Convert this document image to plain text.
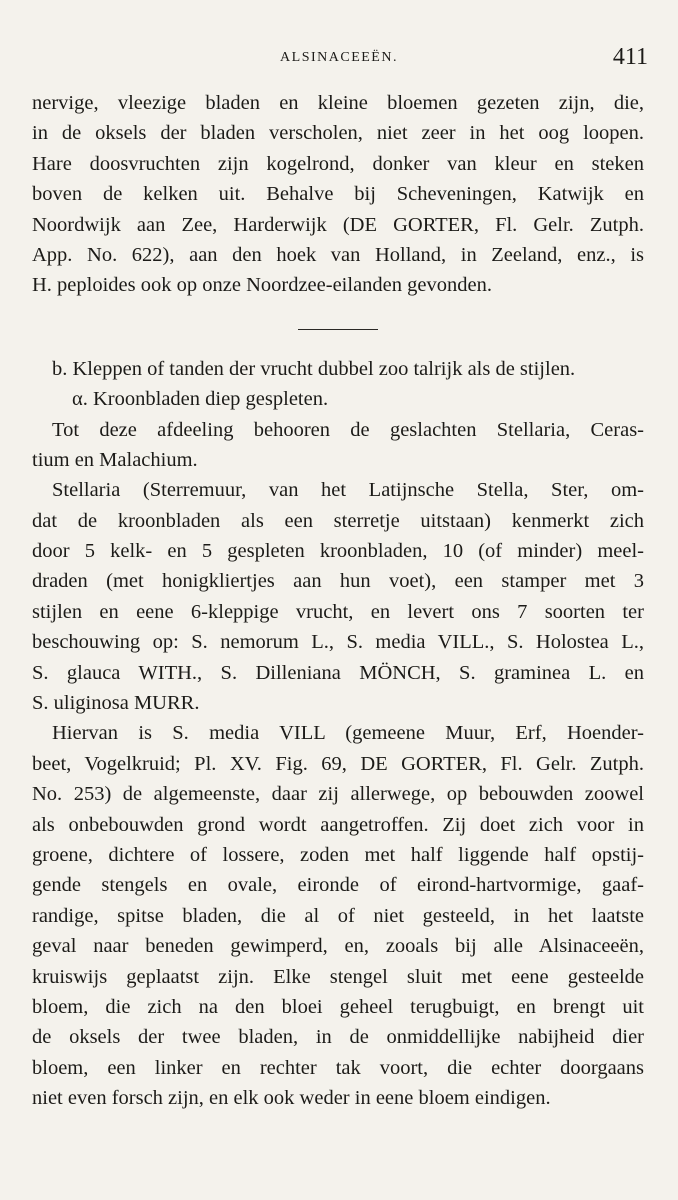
ALSINACEEËN.	411
nervige, vleezige bladen en kleine bloemen gezeten zijn, die,
in de oksels der bladen verscholen, niet zeer in het oog loopen.
Hare doosvruchten zijn kogelrond, donker van kleur en steken
boven de kelken uit. Behalve bij Scheveningen, Katwijk en
Noordwijk aan Zee, Harderwijk (DE GORTER, Fl. Gelr. Zutph.
App. No. 622), aan den hoek van Holland, in Zeeland, enz., is
H. peploides ook op onze Noordzee-eilanden gevonden.
b. Kleppen of tanden der vrucht dubbel zoo talrijk als de stijlen.
α. Kroonbladen diep gespleten.
Tot deze afdeeling behooren de geslachten Stellaria, Ceras-
tium en Malachium.
Stellaria (Sterremuur, van het Latijnsche Stella, Ster, om-
dat de kroonbladen als een sterretje uitstaan) kenmerkt zich
door 5 kelk- en 5 gespleten kroonbladen, 10 (of minder) meel-
draden (met honigkliertjes aan hun voet), een stamper met 3
stijlen en eene 6-kleppige vrucht, en levert ons 7 soorten ter
beschouwing op: S. nemorum L., S. media VILL., S. Holostea L.,
S. glauca WITH., S. Dilleniana MÖNCH, S. graminea L. en
S. uliginosa MURR.
Hiervan is S. media VILL (gemeene Muur, Erf, Hoender-
beet, Vogelkruid; Pl. XV. Fig. 69, DE GORTER, Fl. Gelr. Zutph.
No. 253) de algemeenste, daar zij allerwege, op bebouwden zoowel
als onbebouwden grond wordt aangetroffen. Zij doet zich voor in
groene, dichtere of lossere, zoden met half liggende half opstij-
gende stengels en ovale, eironde of eirond-hartvormige, gaaf-
randige, spitse bladen, die al of niet gesteeld, in het laatste
geval naar beneden gewimperd, en, zooals bij alle Alsinaceeën,
kruiswijs geplaatst zijn. Elke stengel sluit met eene gesteelde
bloem, die zich na den bloei geheel terugbuigt, en brengt uit
de oksels der twee bladen, in de onmiddellijke nabijheid dier
bloem, een linker en rechter tak voort, die echter doorgaans
niet even forsch zijn, en elk ook weder in eene bloem eindigen.
